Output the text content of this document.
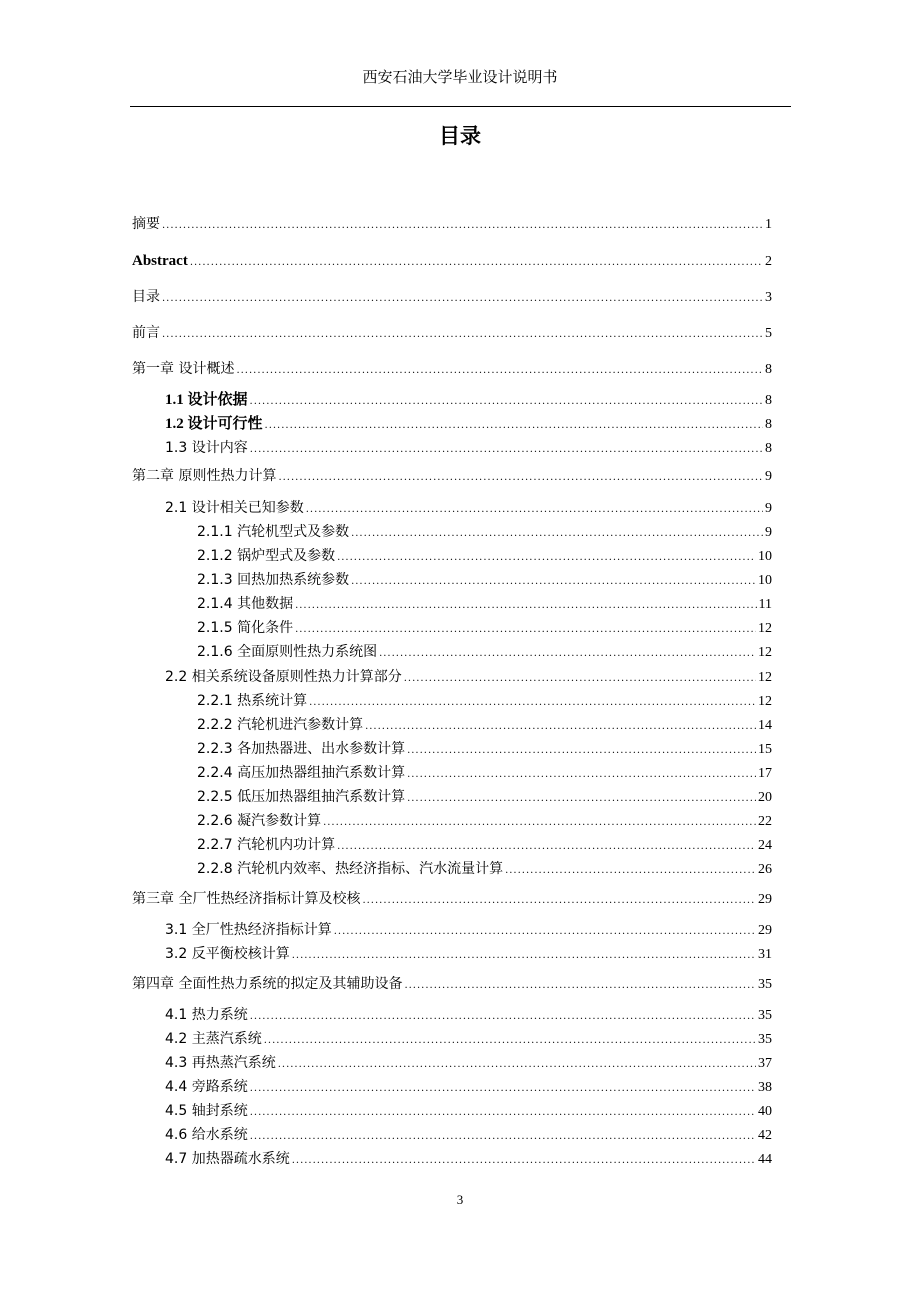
西安石油大学毕业设计说明书
目录
摘要 .....	1
Abstract .....	2
目录 .....	3
前言 .....	5
第一章 设计概述 .....	8
1.1 设计依据 .....	8
1.2 设计可行性 .....	8
1.3 设计内容 .....	8
第二章 原则性热力计算 .....	9
2.1 设计相关已知参数 .....	9
2.1.1 汽轮机型式及参数 .....	9
2.1.2 锅炉型式及参数 .....	10
2.1.3 回热加热系统参数 .....	10
2.1.4 其他数据 .....	11
2.1.5 简化条件 .....	12
2.1.6 全面原则性热力系统图 .....	12
2.2 相关系统设备原则性热力计算部分 .....	12
2.2.1 热系统计算 .....	12
2.2.2 汽轮机进汽参数计算 .....	14
2.2.3 各加热器进、出水参数计算 .....	15
2.2.4 高压加热器组抽汽系数计算 .....	17
2.2.5 低压加热器组抽汽系数计算 .....	20
2.2.6 凝汽参数计算 .....	22
2.2.7 汽轮机内功计算 .....	24
2.2.8 汽轮机内效率、热经济指标、汽水流量计算 .....	26
第三章 全厂性热经济指标计算及校核 .....	29
3.1 全厂性热经济指标计算 .....	29
3.2 反平衡校核计算 .....	31
第四章 全面性热力系统的拟定及其辅助设备 .....	35
4.1 热力系统 .....	35
4.2 主蒸汽系统 .....	35
4.3 再热蒸汽系统 .....	37
4.4 旁路系统 .....	38
4.5 轴封系统 .....	40
4.6 给水系统 .....	42
4.7 加热器疏水系统 .....	44
3
